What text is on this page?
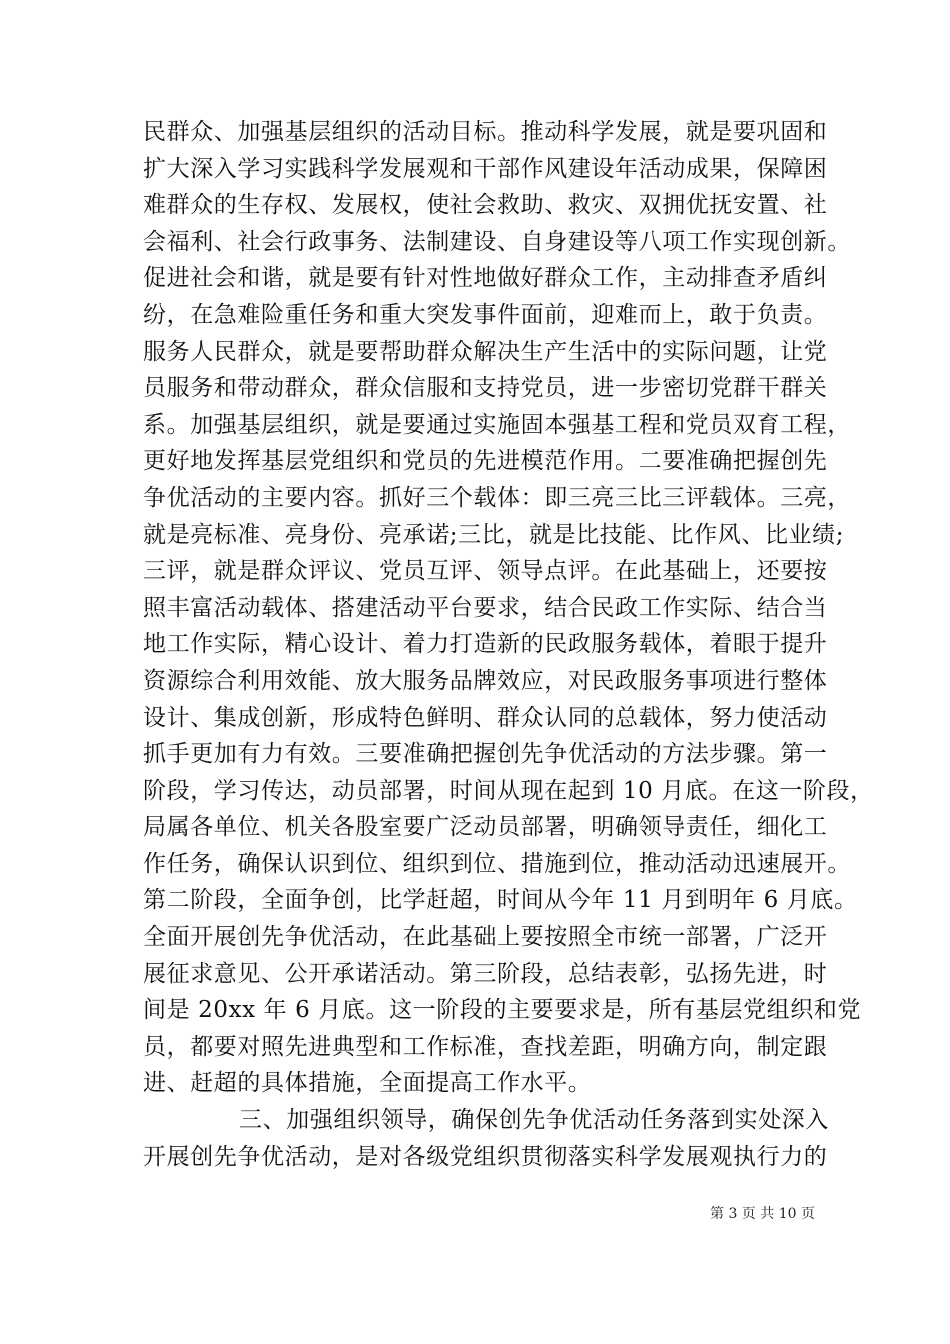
民群众、加强基层组织的活动目标。推动科学发展，就是要巩固和
扩大深入学习实践科学发展观和干部作风建设年活动成果，保障困
难群众的生存权、发展权，使社会救助、救灾、双拥优抚安置、社
会福利、社会行政事务、法制建设、自身建设等八项工作实现创新。
促进社会和谐，就是要有针对性地做好群众工作，主动排查矛盾纠
纷，在急难险重任务和重大突发事件面前，迎难而上，敢于负责。
服务人民群众，就是要帮助群众解决生产生活中的实际问题，让党
员服务和带动群众，群众信服和支持党员，进一步密切党群干群关
系。加强基层组织，就是要通过实施固本强基工程和党员双育工程，
更好地发挥基层党组织和党员的先进模范作用。二要准确把握创先
争优活动的主要内容。抓好三个载体：即三亮三比三评载体。三亮，
就是亮标准、亮身份、亮承诺;三比，就是比技能、比作风、比业绩;
三评，就是群众评议、党员互评、领导点评。在此基础上，还要按
照丰富活动载体、搭建活动平台要求，结合民政工作实际、结合当
地工作实际，精心设计、着力打造新的民政服务载体，着眼于提升
资源综合利用效能、放大服务品牌效应，对民政服务事项进行整体
设计、集成创新，形成特色鲜明、群众认同的总载体，努力使活动
抓手更加有力有效。三要准确把握创先争优活动的方法步骤。第一
阶段，学习传达，动员部署，时间从现在起到 10 月底。在这一阶段，
局属各单位、机关各股室要广泛动员部署，明确领导责任，细化工
作任务，确保认识到位、组织到位、措施到位，推动活动迅速展开。
第二阶段，全面争创，比学赶超，时间从今年 11 月到明年 6 月底。
全面开展创先争优活动，在此基础上要按照全市统一部署，广泛开
展征求意见、公开承诺活动。第三阶段，总结表彰，弘扬先进，时
间是 20xx 年 6 月底。这一阶段的主要要求是，所有基层党组织和党
员，都要对照先进典型和工作标准，查找差距，明确方向，制定跟
进、赶超的具体措施，全面提高工作水平。
三、加强组织领导，确保创先争优活动任务落到实处深入
开展创先争优活动，是对各级党组织贯彻落实科学发展观执行力的
第 3 页 共 10 页
